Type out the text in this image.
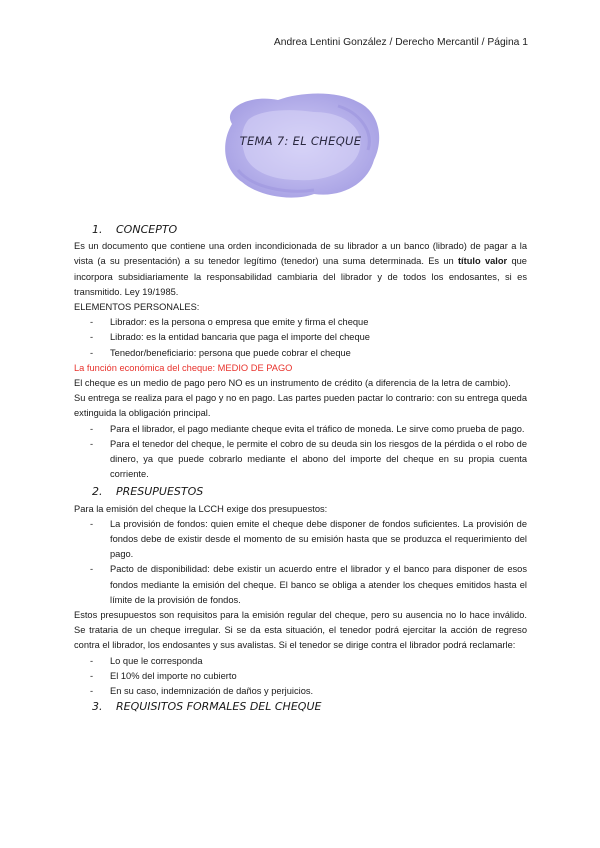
Andrea Lentini González / Derecho Mercantil / Página 1
TEMA 7: EL CHEQUE
1.	CONCEPTO

Es un documento que contiene una orden incondicionada de su librador a un banco (librado) de pagar a la vista (a su presentación) a su tenedor legítimo (tenedor) una suma determinada. Es un título valor que incorpora subsidiariamente la responsabilidad cambiaria del librador y de todos los endosantes, si es transmitido. Ley 19/1985.

ELEMENTOS PERSONALES:

- Librador: es la persona o empresa que emite y firma el cheque
- Librado: es la entidad bancaria que paga el importe del cheque
- Tenedor/beneficiario: persona que puede cobrar el cheque

La función económica del cheque: MEDIO DE PAGO

El cheque es un medio de pago pero NO es un instrumento de crédito (a diferencia de la letra de cambio).

Su entrega se realiza para el pago y no en pago. Las partes pueden pactar lo contrario: con su entrega queda extinguida la obligación principal.

- Para el librador, el pago mediante cheque evita el tráfico de moneda. Le sirve como prueba de pago.
- Para el tenedor del cheque, le permite el cobro de su deuda sin los riesgos de la pérdida o el robo de dinero, ya que puede cobrarlo mediante el abono del importe del cheque en su propia cuenta corriente.
2.	PRESUPUESTOS

Para la emisión del cheque la LCCH exige dos presupuestos:

- La provisión de fondos: quien emite el cheque debe disponer de fondos suficientes. La provisión de fondos debe de existir desde el momento de su emisión hasta que se produzca el requerimiento del pago.
- Pacto de disponibilidad: debe existir un acuerdo entre el librador y el banco para disponer de esos fondos mediante la emisión del cheque. El banco se obliga a atender los cheques emitidos hasta el límite de la provisión de fondos.

Estos presupuestos son requisitos para la emisión regular del cheque, pero su ausencia no lo hace inválido. Se tratarіa de un cheque irregular. Si se da esta situación, el tenedor podrá ejercitar la acción de regreso contra el librador, los endosantes y sus avalistas. Si el tenedor se dirige contra el librador podrá reclamarle:

- Lo que le corresponda
- El 10% del importe no cubierto
- En su caso, indemnización de daños y perjuicios.
3.	REQUISITOS FORMALES DEL CHEQUE
